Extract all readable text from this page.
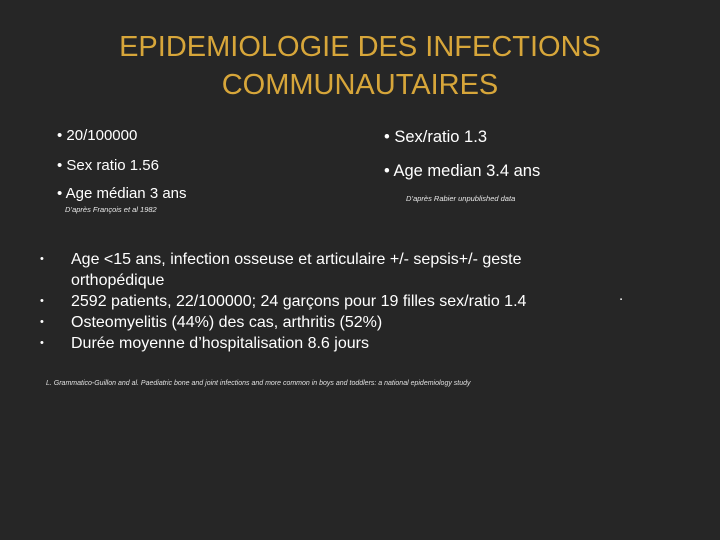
EPIDEMIOLOGIE DES INFECTIONS
COMMUNAUTAIRES
• 20/100000
• Sex ratio 1.56
• Age médian 3 ans
D’après François et al 1982
• Sex/ratio 1.3
• Age median 3.4 ans
D’après Rabier unpublished data
•	Age <15 ans, infection osseuse et articulaire +/- sepsis+/- geste orthopédique
•	2592 patients, 22/100000; 24 garçons pour 19 filles sex/ratio 1.4
•	Osteomyelitis (44%) des cas, arthritis (52%)
•	Durée moyenne d’hospitalisation 8.6 jours
.
L. Grammatico-Guillon and al. Paediatric bone and joint infections and more common in boys and toddlers: a national epidemiology study
